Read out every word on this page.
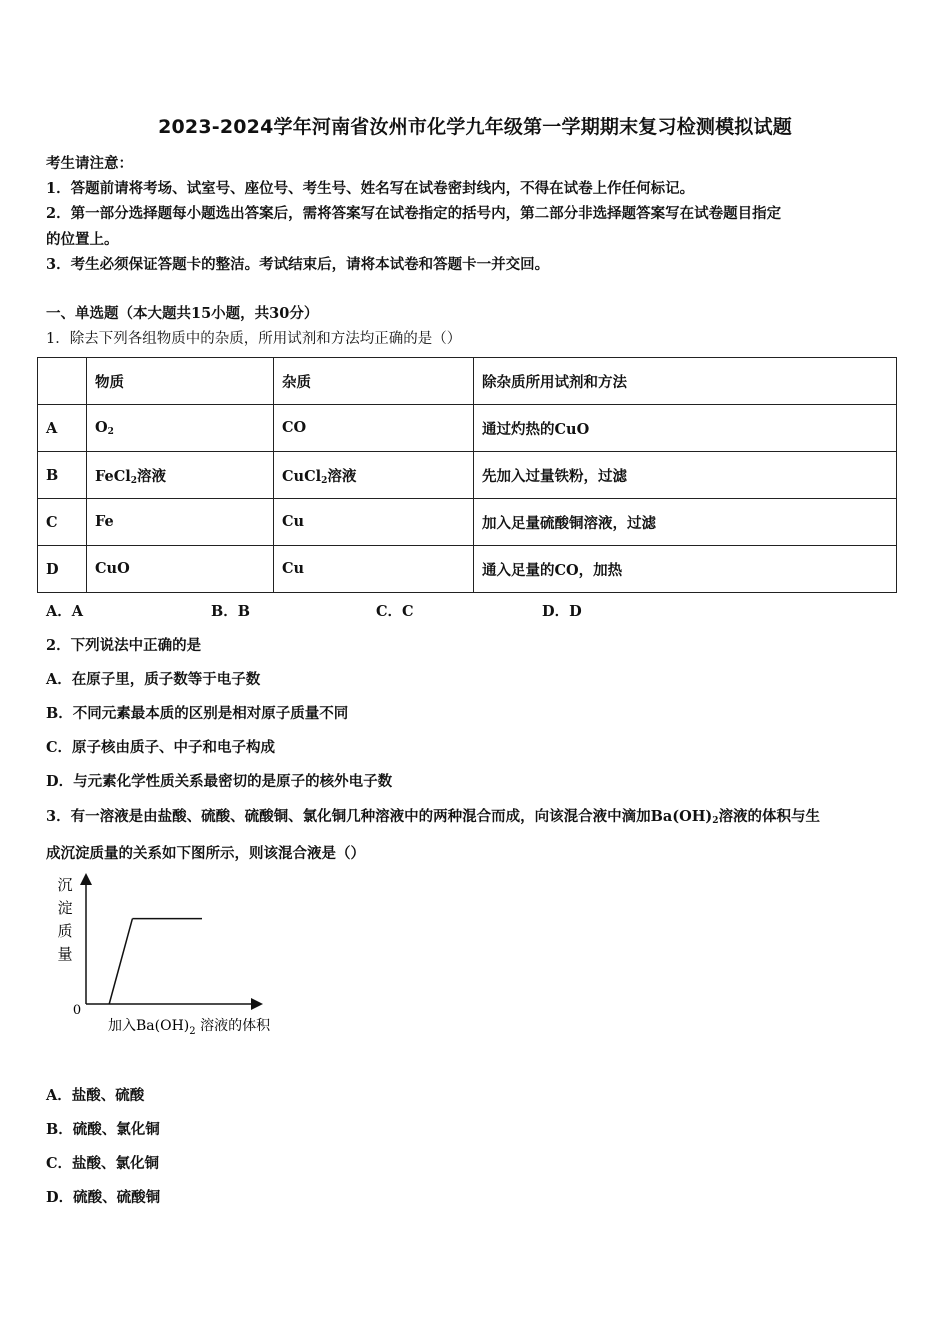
2023-2024学年河南省汝州市化学九年级第一学期期末复习检测模拟试题
考生请注意：
1．答题前请将考场、试室号、座位号、考生号、姓名写在试卷密封线内，不得在试卷上作任何标记。
2．第一部分选择题每小题选出答案后，需将答案写在试卷指定的括号内，第二部分非选择题答案写在试卷题目指定
的位置上。
3．考生必须保证答题卡的整洁。考试结束后，请将本试卷和答题卡一并交回。
一、单选题（本大题共15小题，共30分）
1．除去下列各组物质中的杂质，所用试剂和方法均正确的是（）
	物质	杂质	除杂质所用试剂和方法
A	$O_2$	CO	通过灼热的CuO
B	FeCl$_2$溶液	CuCl$_2$溶液	先加入过量铁粉，过滤
C	Fe	Cu	加入足量硫酸铜溶液，过滤
D	CuO	Cu	通入足量的CO，加热
A．A	B．B	C．C	D．D
2．下列说法中正确的是
A．在原子里，质子数等于电子数
B．不同元素最本质的区别是相对原子质量不同
C．原子核由质子、中子和电子构成
D．与元素化学性质关系最密切的是原子的核外电子数
3．有一溶液是由盐酸、硫酸、硫酸铜、氯化铜几种溶液中的两种混合而成，向该混合液中滴加$Ba(OH)_2$溶液的体积与生
成沉淀质量的关系如下图所示，则该混合液是（）
沉
淀
质
量
0
加入$Ba(OH)_2$ 溶液的体积
A．盐酸、硫酸
B．硫酸、氯化铜
C．盐酸、氯化铜
D．硫酸、硫酸铜
